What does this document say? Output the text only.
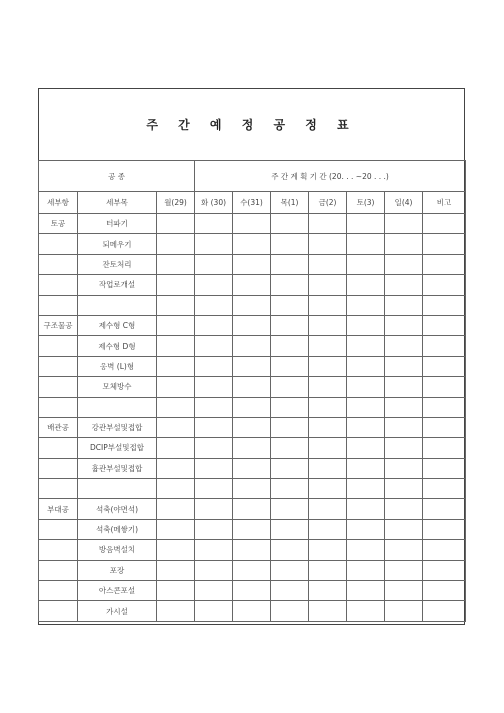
주 간 예 정 공 정 표
공 종			주 간 계 획 기 간 (20. . . ~20 . . .)						
세부항	세부목	월(29)	화 (30)	수(31)	목(1)	금(2)	토(3)	일(4)	비고
토공	터파기								
	되메우기								
	잔토처리								
	작업로개설								

구조물공	제수형 C형								
	제수형 D형								
	옹벽 (L)형								
	모체방수								

배관공	강관부설및접합								
	DCIP부설및접합								
	흄관부설및접합								

부대공	석축(야면석)								
	석축(메쌓기)								
	방음벽설치								
	포장								
	아스콘포설								
	가시설								
